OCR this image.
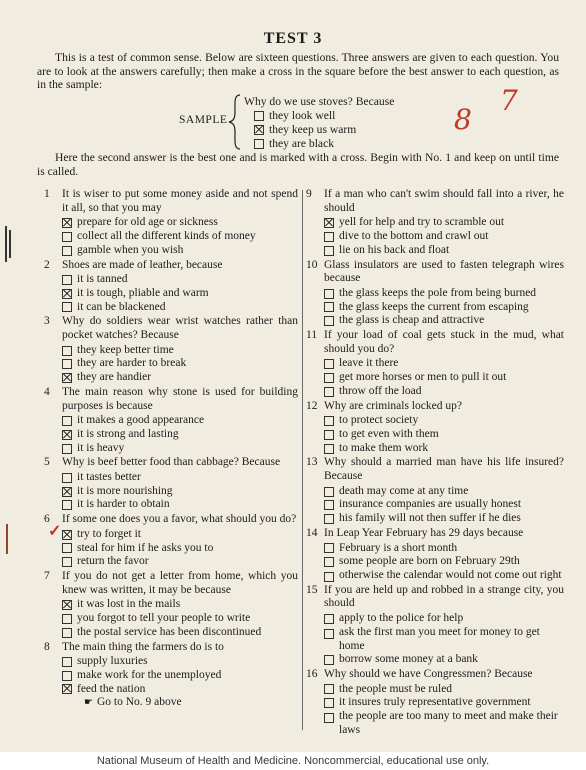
TEST 3
This is a test of common sense. Below are sixteen questions. Three answers are given to each question. You are to look at the answers carefully; then make a cross in the square before the best answer to each question, as in the sample:
SAMPLE
Why do we use stoves? Because
they look well
they keep us warm
they are black
8
7
Here the second answer is the best one and is marked with a cross. Begin with No. 1 and keep on until time is called.
1	It is wiser to put some money aside and not spend it all, so that you may
prepare for old age or sickness
collect all the different kinds of money
gamble when you wish
2	Shoes are made of leather, because
it is tanned
it is tough, pliable and warm
it can be blackened
3	Why do soldiers wear wrist watches rather than pocket watches? Because
they keep better time
they are harder to break
they are handier
4	The main reason why stone is used for building purposes is because
it makes a good appearance
it is strong and lasting
it is heavy
5	Why is beef better food than cabbage? Because
it tastes better
it is more nourishing
it is harder to obtain
6	If some one does you a favor, what should you do?
✓ try to forget it
steal for him if he asks you to
return the favor
7	If you do not get a letter from home, which you knew was written, it may be because
it was lost in the mails
you forgot to tell your people to write
the postal service has been discontinued
8	The main thing the farmers do is to
supply luxuries
make work for the unemployed
feed the nation
☛ Go to No. 9 above
9	If a man who can't swim should fall into a river, he should
yell for help and try to scramble out
dive to the bottom and crawl out
lie on his back and float
10 Glass insulators are used to fasten telegraph wires because
the glass keeps the pole from being burned
the glass keeps the current from escaping
the glass is cheap and attractive
11 If your load of coal gets stuck in the mud, what should you do?
leave it there
get more horses or men to pull it out
throw off the load
12 Why are criminals locked up?
to protect society
to get even with them
to make them work
13 Why should a married man have his life insured? Because
death may come at any time
insurance companies are usually honest
his family will not then suffer if he dies
14 In Leap Year February has 29 days because
February is a short month
some people are born on February 29th
otherwise the calendar would not come out right
15 If you are held up and robbed in a strange city, you should
apply to the police for help
ask the first man you meet for money to get home
borrow some money at a bank
16 Why should we have Congressmen? Because
the people must be ruled
it insures truly representative government
the people are too many to meet and make their laws
National Museum of Health and Medicine. Noncommercial, educational use only.
